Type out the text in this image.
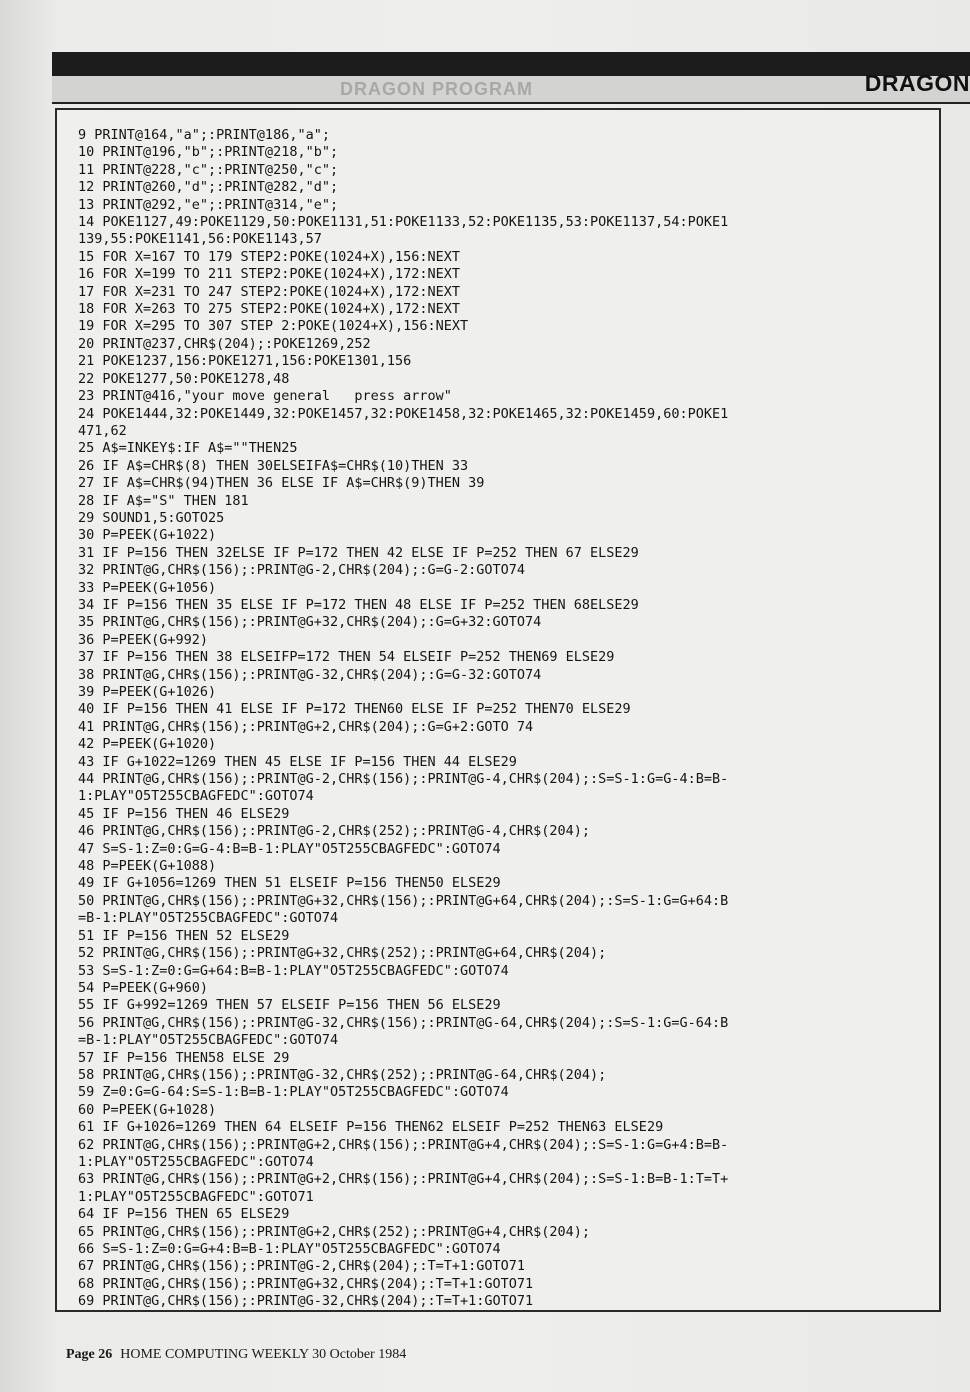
DRAGON PROGRAM	DRAGON
9 PRINT@164,"a";:PRINT@186,"a";
10 PRINT@196,"b";:PRINT@218,"b";
11 PRINT@228,"c";:PRINT@250,"c";
12 PRINT@260,"d";:PRINT@282,"d";
13 PRINT@292,"e";:PRINT@314,"e";
14 POKE1127,49:POKE1129,50:POKE1131,51:POKE1133,52:POKE1135,53:POKE1137,54:POKE1
139,55:POKE1141,56:POKE1143,57
15 FOR X=167 TO 179 STEP2:POKE(1024+X),156:NEXT
16 FOR X=199 TO 211 STEP2:POKE(1024+X),172:NEXT
17 FOR X=231 TO 247 STEP2:POKE(1024+X),172:NEXT
18 FOR X=263 TO 275 STEP2:POKE(1024+X),172:NEXT
19 FOR X=295 TO 307 STEP 2:POKE(1024+X),156:NEXT
20 PRINT@237,CHR$(204);:POKE1269,252
21 POKE1237,156:POKE1271,156:POKE1301,156
22 POKE1277,50:POKE1278,48
23 PRINT@416,"your move general   press arrow"
24 POKE1444,32:POKE1449,32:POKE1457,32:POKE1458,32:POKE1465,32:POKE1459,60:POKE1
471,62
25 A$=INKEY$:IF A$=""THEN25
26 IF A$=CHR$(8) THEN 30ELSEIFA$=CHR$(10)THEN 33
27 IF A$=CHR$(94)THEN 36 ELSE IF A$=CHR$(9)THEN 39
28 IF A$="S" THEN 181
29 SOUND1,5:GOTO25
30 P=PEEK(G+1022)
31 IF P=156 THEN 32ELSE IF P=172 THEN 42 ELSE IF P=252 THEN 67 ELSE29
32 PRINT@G,CHR$(156);:PRINT@G-2,CHR$(204);:G=G-2:GOTO74
33 P=PEEK(G+1056)
34 IF P=156 THEN 35 ELSE IF P=172 THEN 48 ELSE IF P=252 THEN 68ELSE29
35 PRINT@G,CHR$(156);:PRINT@G+32,CHR$(204);:G=G+32:GOTO74
36 P=PEEK(G+992)
37 IF P=156 THEN 38 ELSEIFP=172 THEN 54 ELSEIF P=252 THEN69 ELSE29
38 PRINT@G,CHR$(156);:PRINT@G-32,CHR$(204);:G=G-32:GOTO74
39 P=PEEK(G+1026)
40 IF P=156 THEN 41 ELSE IF P=172 THEN60 ELSE IF P=252 THEN70 ELSE29
41 PRINT@G,CHR$(156);:PRINT@G+2,CHR$(204);:G=G+2:GOTO 74
42 P=PEEK(G+1020)
43 IF G+1022=1269 THEN 45 ELSE IF P=156 THEN 44 ELSE29
44 PRINT@G,CHR$(156);:PRINT@G-2,CHR$(156);:PRINT@G-4,CHR$(204);:S=S-1:G=G-4:B=B-
1:PLAY"O5T255CBAGFEDC":GOTO74
45 IF P=156 THEN 46 ELSE29
46 PRINT@G,CHR$(156);:PRINT@G-2,CHR$(252);:PRINT@G-4,CHR$(204);
47 S=S-1:Z=0:G=G-4:B=B-1:PLAY"O5T255CBAGFEDC":GOTO74
48 P=PEEK(G+1088)
49 IF G+1056=1269 THEN 51 ELSEIF P=156 THEN50 ELSE29
50 PRINT@G,CHR$(156);:PRINT@G+32,CHR$(156);:PRINT@G+64,CHR$(204);:S=S-1:G=G+64:B
=B-1:PLAY"O5T255CBAGFEDC":GOTO74
51 IF P=156 THEN 52 ELSE29
52 PRINT@G,CHR$(156);:PRINT@G+32,CHR$(252);:PRINT@G+64,CHR$(204);
53 S=S-1:Z=0:G=G+64:B=B-1:PLAY"O5T255CBAGFEDC":GOTO74
54 P=PEEK(G+960)
55 IF G+992=1269 THEN 57 ELSEIF P=156 THEN 56 ELSE29
56 PRINT@G,CHR$(156);:PRINT@G-32,CHR$(156);:PRINT@G-64,CHR$(204);:S=S-1:G=G-64:B
=B-1:PLAY"O5T255CBAGFEDC":GOTO74
57 IF P=156 THEN58 ELSE 29
58 PRINT@G,CHR$(156);:PRINT@G-32,CHR$(252);:PRINT@G-64,CHR$(204);
59 Z=0:G=G-64:S=S-1:B=B-1:PLAY"O5T255CBAGFEDC":GOTO74
60 P=PEEK(G+1028)
61 IF G+1026=1269 THEN 64 ELSEIF P=156 THEN62 ELSEIF P=252 THEN63 ELSE29
62 PRINT@G,CHR$(156);:PRINT@G+2,CHR$(156);:PRINT@G+4,CHR$(204);:S=S-1:G=G+4:B=B-
1:PLAY"O5T255CBAGFEDC":GOTO74
63 PRINT@G,CHR$(156);:PRINT@G+2,CHR$(156);:PRINT@G+4,CHR$(204);:S=S-1:B=B-1:T=T+
1:PLAY"O5T255CBAGFEDC":GOTO71
64 IF P=156 THEN 65 ELSE29
65 PRINT@G,CHR$(156);:PRINT@G+2,CHR$(252);:PRINT@G+4,CHR$(204);
66 S=S-1:Z=0:G=G+4:B=B-1:PLAY"O5T255CBAGFEDC":GOTO74
67 PRINT@G,CHR$(156);:PRINT@G-2,CHR$(204);:T=T+1:GOTO71
68 PRINT@G,CHR$(156);:PRINT@G+32,CHR$(204);:T=T+1:GOTO71
69 PRINT@G,CHR$(156);:PRINT@G-32,CHR$(204);:T=T+1:GOTO71
Page 26 HOME COMPUTING WEEKLY 30 October 1984
